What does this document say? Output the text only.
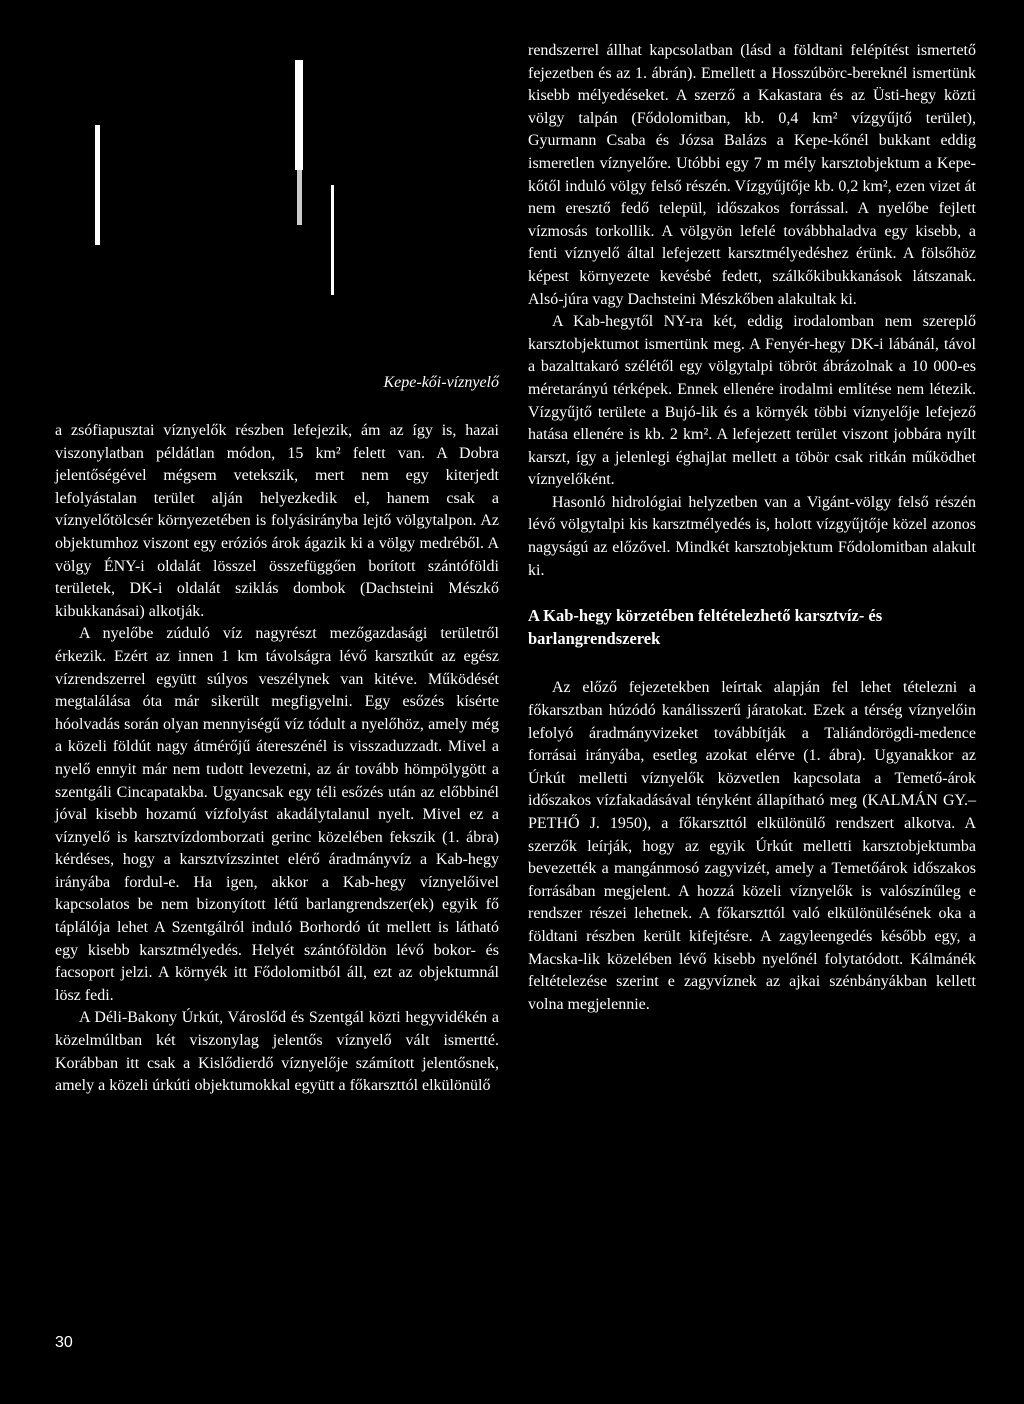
Kepe-kői-víznyelő

a zsófiapusztai víznyelők részben lefejezik, ám az így is, hazai viszonylatban példátlan módon, 15 km² felett van. A Dobra jelentőségével mégsem vetekszik, mert nem egy kiterjedt lefolyástalan terület alján helyezkedik el, hanem csak a víznyelőtölcsér környezetében is folyásirányba lejtő völgytalpon. Az objektumhoz viszont egy eróziós árok ágazik ki a völgy medréből. A völgy ÉNY-i oldalát lösszel összefüggően borított szántóföldi területek, DK-i oldalát sziklás dombok (Dachsteini Mészkő kibukkanásai) alkotják.

A nyelőbe zúduló víz nagyrészt mezőgazdasági területről érkezik. Ezért az innen 1 km távolságra lévő karsztkút az egész vízrendszerrel együtt súlyos veszélynek van kitéve. Működését megtalálása óta már sikerült megfigyelni. Egy esőzés kísérte hóolvadás során olyan mennyiségű víz tódult a nyelőhöz, amely még a közeli földút nagy átmérőjű átereszénél is visszaduzzadt. Mivel a nyelő ennyit már nem tudott levezetni, az ár tovább hömpölygött a szentgáli Cincapatakba. Ugyancsak egy téli esőzés után az előbbinél jóval kisebb hozamú vízfolyást akadálytalanul nyelt. Mivel ez a víznyelő is karsztvízdomborzati gerinc közelében fekszik (1. ábra) kérdéses, hogy a karsztvízszintet elérő áradmányvíz a Kab-hegy irányába fordul-e. Ha igen, akkor a Kab-hegy víznyelőivel kapcsolatos be nem bizonyított létű barlangrendszer(ek) egyik fő táplálója lehet A Szentgálról induló Borhordó út mellett is látható egy kisebb karsztmélyedés. Helyét szántóföldön lévő bokor- és facsoport jelzi. A környék itt Fődolomitból áll, ezt az objektumnál lösz fedi.

A Déli-Bakony Úrkút, Városlőd és Szentgál közti hegyvidékén a közelmúltban két viszonylag jelentős víznyelő vált ismertté. Korábban itt csak a Kislődierdő víznyelője számított jelentősnek, amely a közeli úrkúti objektumokkal együtt a főkarszttól elkülönülő

rendszerrel állhat kapcsolatban (lásd a földtani felépítést ismertető fejezetben és az 1. ábrán). Emellett a Hosszúbörc-bereknél ismertünk kisebb mélyedéseket. A szerző a Kakastara és az Üsti-hegy közti völgy talpán (Fődolomitban, kb. 0,4 km² vízgyűjtő terület), Gyurmann Csaba és Józsa Balázs a Kepe-kőnél bukkant eddig ismeretlen víznyelőre. Utóbbi egy 7 m mély karsztobjektum a Kepe-kőtől induló völgy felső részén. Vízgyűjtője kb. 0,2 km², ezen vizet át nem eresztő fedő települ, időszakos forrással. A nyelőbe fejlett vízmosás torkollik. A völgyön lefelé továbbhaladva egy kisebb, a fenti víznyelő által lefejezett karsztmélyedéshez érünk. A fölsőhöz képest környezete kevésbé fedett, szálkőkibukkanások látszanak. Alsó-júra vagy Dachsteini Mészkőben alakultak ki.

A Kab-hegytől NY-ra két, eddig irodalomban nem szereplő karsztobjektumot ismertünk meg. A Fenyér-hegy DK-i lábánál, távol a bazalttakaró szélétől egy völgytalpi töbröt ábrázolnak a 10 000-es méretarányú térképek. Ennek ellenére irodalmi említése nem létezik. Vízgyűjtő területe a Bujó-lik és a környék többi víznyelője lefejező hatása ellenére is kb. 2 km². A lefejezett terület viszont jobbára nyílt karszt, így a jelenlegi éghajlat mellett a töbör csak ritkán működhet víznyelőként.

Hasonló hidrológiai helyzetben van a Vigánt-völgy felső részén lévő völgytalpi kis karsztmélyedés is, holott vízgyűjtője közel azonos nagyságú az előzővel. Mindkét karsztobjektum Fődolomitban alakult ki.

A Kab-hegy körzetében feltételezhető karsztvíz- és barlangrendszerek

Az előző fejezetekben leírtak alapján fel lehet tételezni a főkarsztban húzódó kanálisszerű járatokat. Ezek a térség víznyelőin lefolyó áradmányvizeket továbbítják a Taliándörögdi-medence forrásai irányába, esetleg azokat elérve (1. ábra). Ugyanakkor az Úrkút melletti víznyelők közvetlen kapcsolata a Temető-árok időszakos vízfakadásával tényként állapítható meg (KALMÁN GY.–PETHŐ J. 1950), a főkarszttól elkülönülő rendszert alkotva. A szerzők leírják, hogy az egyik Úrkút melletti karsztobjektumba bevezették a mangánmosó zagyvizét, amely a Temetőárok időszakos forrásában megjelent. A hozzá közeli víznyelők is valószínűleg e rendszer részei lehetnek. A főkarszttól való elkülönülésének oka a földtani részben került kifejtésre. A zagyleengedés később egy, a Macska-lik közelében lévő kisebb nyelőnél folytatódott. Kálmánék feltételezése szerint e zagyvíznek az ajkai szénbányákban kellett volna megjelennie.

30
